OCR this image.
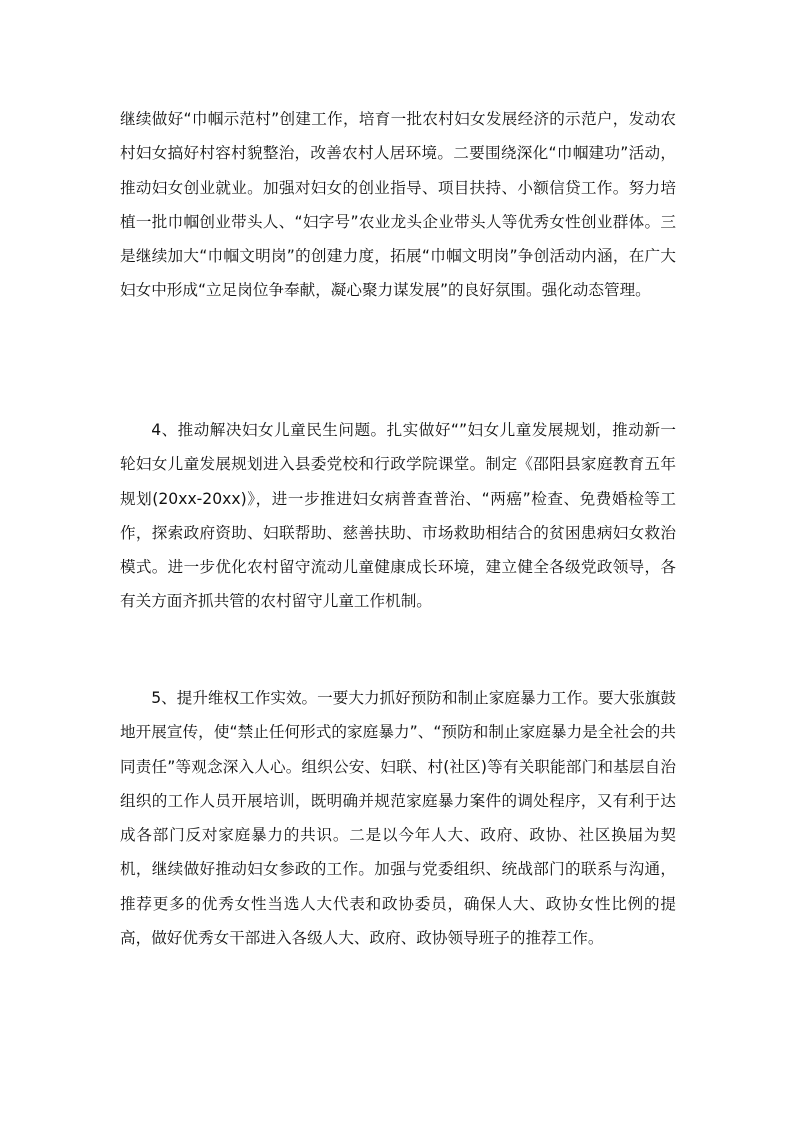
继续做好“巾帼示范村”创建工作，培育一批农村妇女发展经济的示范户，发动农村妇女搞好村容村貌整治，改善农村人居环境。二要围绕深化“巾帼建功”活动，推动妇女创业就业。加强对妇女的创业指导、项目扶持、小额信贷工作。努力培植一批巾帼创业带头人、“妇字号”农业龙头企业带头人等优秀女性创业群体。三是继续加大“巾帼文明岗”的创建力度，拓展“巾帼文明岗”争创活动内涵，在广大妇女中形成“立足岗位争奉献，凝心聚力谋发展”的良好氛围。强化动态管理。

4、推动解决妇女儿童民生问题。扎实做好“”妇女儿童发展规划，推动新一轮妇女儿童发展规划进入县委党校和行政学院课堂。制定《邵阳县家庭教育五年规划(20xx-20xx)》，进一步推进妇女病普查普治、“两癌”检查、免费婚检等工作，探索政府资助、妇联帮助、慈善扶助、市场救助相结合的贫困患病妇女救治模式。进一步优化农村留守流动儿童健康成长环境，建立健全各级党政领导，各有关方面齐抓共管的农村留守儿童工作机制。

5、提升维权工作实效。一要大力抓好预防和制止家庭暴力工作。要大张旗鼓地开展宣传，使“禁止任何形式的家庭暴力”、“预防和制止家庭暴力是全社会的共同责任”等观念深入人心。组织公安、妇联、村(社区)等有关职能部门和基层自治组织的工作人员开展培训，既明确并规范家庭暴力案件的调处程序，又有利于达成各部门反对家庭暴力的共识。二是以今年人大、政府、政协、社区换届为契机，继续做好推动妇女参政的工作。加强与党委组织、统战部门的联系与沟通，推荐更多的优秀女性当选人大代表和政协委员，确保人大、政协女性比例的提高，做好优秀女干部进入各级人大、政府、政协领导班子的推荐工作。
